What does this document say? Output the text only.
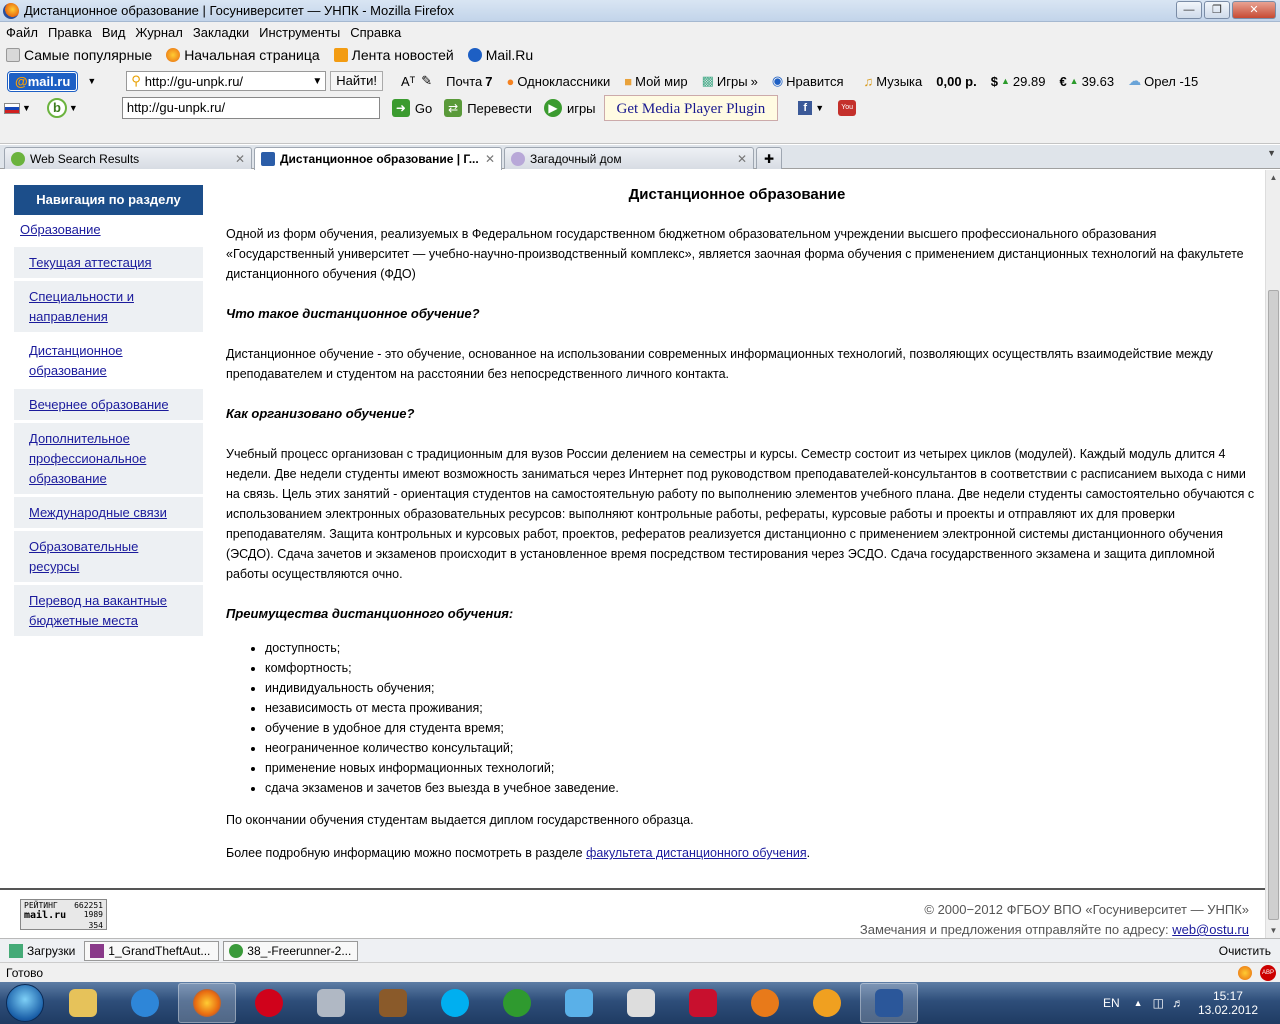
Дистанционное образование | Госуниверситет — УНПК - Mozilla Firefox	—	❐	✕
Файл Правка Вид Журнал Закладки Инструменты Справка
Самые популярные Начальная страница Лента новостей Mail.Ru
@mail.ru	▼	⚲ http://gu-unpk.ru/	▼	Найти!	Aᵀ ✎ Почта 7 ● Одноклассники ■ Мой мир ▩ Игры » ◉ Нравится ♫ Музыка 0,00 р. $ ▲ 29.89 € ▲ 39.63 ☁ Орел -15
▼	b ▼	http://gu-unpk.ru/	➜ Go	⇄ Перевести	▶ игры	Get Media Player Plugin	f ▼	You
Web Search Results	✕	Дистанционное образование | Г... ✕	Загадочный дом	✕ ✚	▼
Навигация по разделу
Образование
Текущая аттестация
Специальности и направления
Дистанционное образование
Вечернее образование
Дополнительное профессиональное образование
Международные связи
Образовательные ресурсы
Перевод на вакантные бюджетные места
Дистанционное образование

Одной из форм обучения, реализуемых в Федеральном государственном бюджетном образовательном учреждении высшего профессионального образования «Государственный университет — учебно-научно-производственный комплекс», является заочная форма обучения с применением дистанционных технологий на факультете дистанционного обучения (ФДО)

Что такое дистанционное обучение?

Дистанционное обучение - это обучение, основанное на использовании современных информационных технологий, позволяющих осуществлять взаимодействие между преподавателем и студентом на расстоянии без непосредственного личного контакта.

Как организовано обучение?

Учебный процесс организован с традиционным для вузов России делением на семестры и курсы. Семестр состоит из четырех циклов (модулей). Каждый модуль длится 4 недели. Две недели студенты имеют возможность заниматься через Интернет под руководством преподавателей-консультантов в соответствии с расписанием выхода с ними на связь. Цель этих занятий - ориентация студентов на самостоятельную работу по выполнению элементов учебного плана. Две недели студенты самостоятельно обучаются с использованием электронных образовательных ресурсов: выполняют контрольные работы, рефераты, курсовые работы и проекты и отправляют их для проверки преподавателям. Защита контрольных и курсовых работ, проектов, рефератов реализуется дистанционно с применением электронной системы дистанционного обучения (ЭСДО). Сдача зачетов и экзаменов происходит в установленное время посредством тестирования через ЭСДО. Сдача государственного экзамена и защита дипломной работы осуществляются очно.

Преимущества дистанционного обучения:

• доступность;
• комфортность;
• индивидуальность обучения;
• независимость от места проживания;
• обучение в удобное для студента время;
• неограниченное количество консультаций;
• применение новых информационных технологий;
• сдача экзаменов и зачетов без выезда в учебное заведение.

По окончании обучения студентам выдается диплом государственного образца.

Более подробную информацию можно посмотреть в разделе факультета дистанционного обучения.

РЕЙТИНГ 662251
mail.ru 1989
354
© 2000−2012 ФГБОУ ВПО «Госуниверситет — УНПК»
Замечания и предложения отправляйте по адресу: web@ostu.ru
▲
▼
Загрузки	1_GrandTheftAut...	38_-Freerunner-2...	Очистить
Готово	ABP
EN ▲ ◫ ♬	15:17
13.02.2012
